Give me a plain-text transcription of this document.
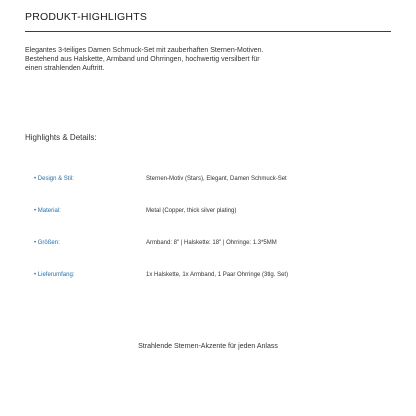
PRODUKT-HIGHLIGHTS

Elegantes 3-teiliges Damen Schmuck-Set mit zauberhaften Sternen-Motiven.
Bestehend aus Halskette, Armband und Ohrringen, hochwertig versilbert für
einen strahlenden Auftritt.

Highlights & Details:
• Design & Stil:	Sternen-Motiv (Stars), Elegant, Damen Schmuck-Set
• Material:	Metal (Copper, thick silver plating)
• Größen:	Armband: 8" | Halskette: 18" | Ohrringe: 1.3*5MM
• Lieferumfang:	1x Halskette, 1x Armband, 1 Paar Ohrringe (3tlg. Set)

Strahlende Sternen-Akzente für jeden Anlass
